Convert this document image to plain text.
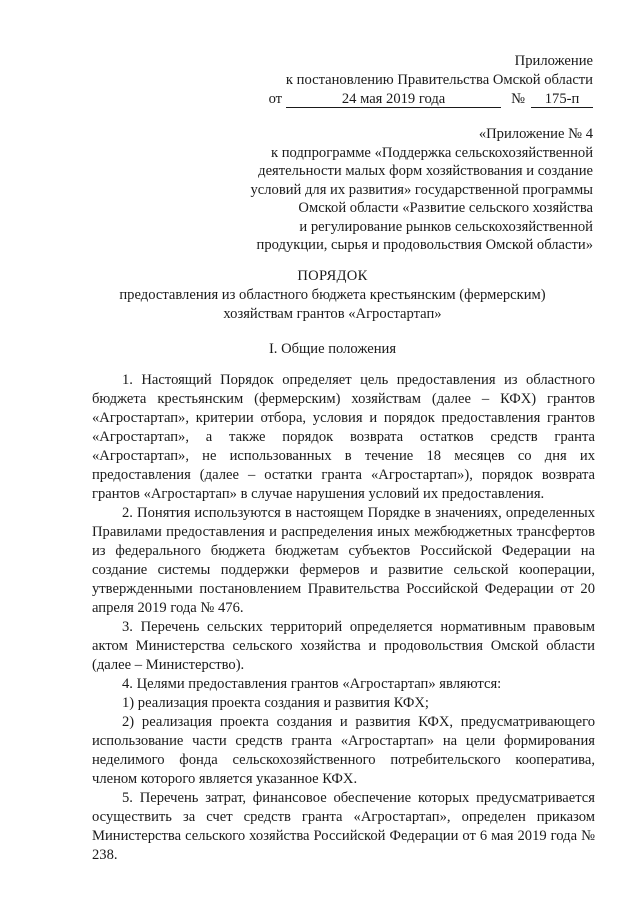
Приложение
к постановлению Правительства Омской области
от	24 мая 2019 года	№	175-п
«Приложение № 4
к подпрограмме «Поддержка сельскохозяйственной
деятельности малых форм хозяйствования и создание
условий для их развития» государственной программы
Омской области «Развитие сельского хозяйства
и регулирование рынков сельскохозяйственной
продукции, сырья и продовольствия Омской области»
ПОРЯДОК
предоставления из областного бюджета крестьянским (фермерским)
хозяйствам грантов «Агростартап»
I. Общие положения

1. Настоящий Порядок определяет цель предоставления из областного бюджета крестьянским (фермерским) хозяйствам (далее – КФХ) грантов «Агростартап», критерии отбора, условия и порядок предоставления грантов «Агростартап», а также порядок возврата остатков средств гранта «Агростартап», не использованных в течение 18 месяцев со дня их предоставления (далее – остатки гранта «Агростартап»), порядок возврата грантов «Агростартап» в случае нарушения условий их предоставления.

2. Понятия используются в настоящем Порядке в значениях, определенных Правилами предоставления и распределения иных межбюджетных трансфертов из федерального бюджета бюджетам субъектов Российской Федерации на создание системы поддержки фермеров и развитие сельской кооперации, утвержденными постановлением Правительства Российской Федерации от 20 апреля 2019 года № 476.

3. Перечень сельских территорий определяется нормативным правовым актом Министерства сельского хозяйства и продовольствия Омской области (далее – Министерство).

4. Целями предоставления грантов «Агростартап» являются:

1) реализация проекта создания и развития КФХ;

2) реализация проекта создания и развития КФХ, предусматривающего использование части средств гранта «Агростартап» на цели формирования неделимого фонда сельскохозяйственного потребительского кооператива, членом которого является указанное КФХ.

5. Перечень затрат, финансовое обеспечение которых предусматривается осуществить за счет средств гранта «Агростартап», определен приказом Министерства сельского хозяйства Российской Федерации от 6 мая 2019 года № 238.
